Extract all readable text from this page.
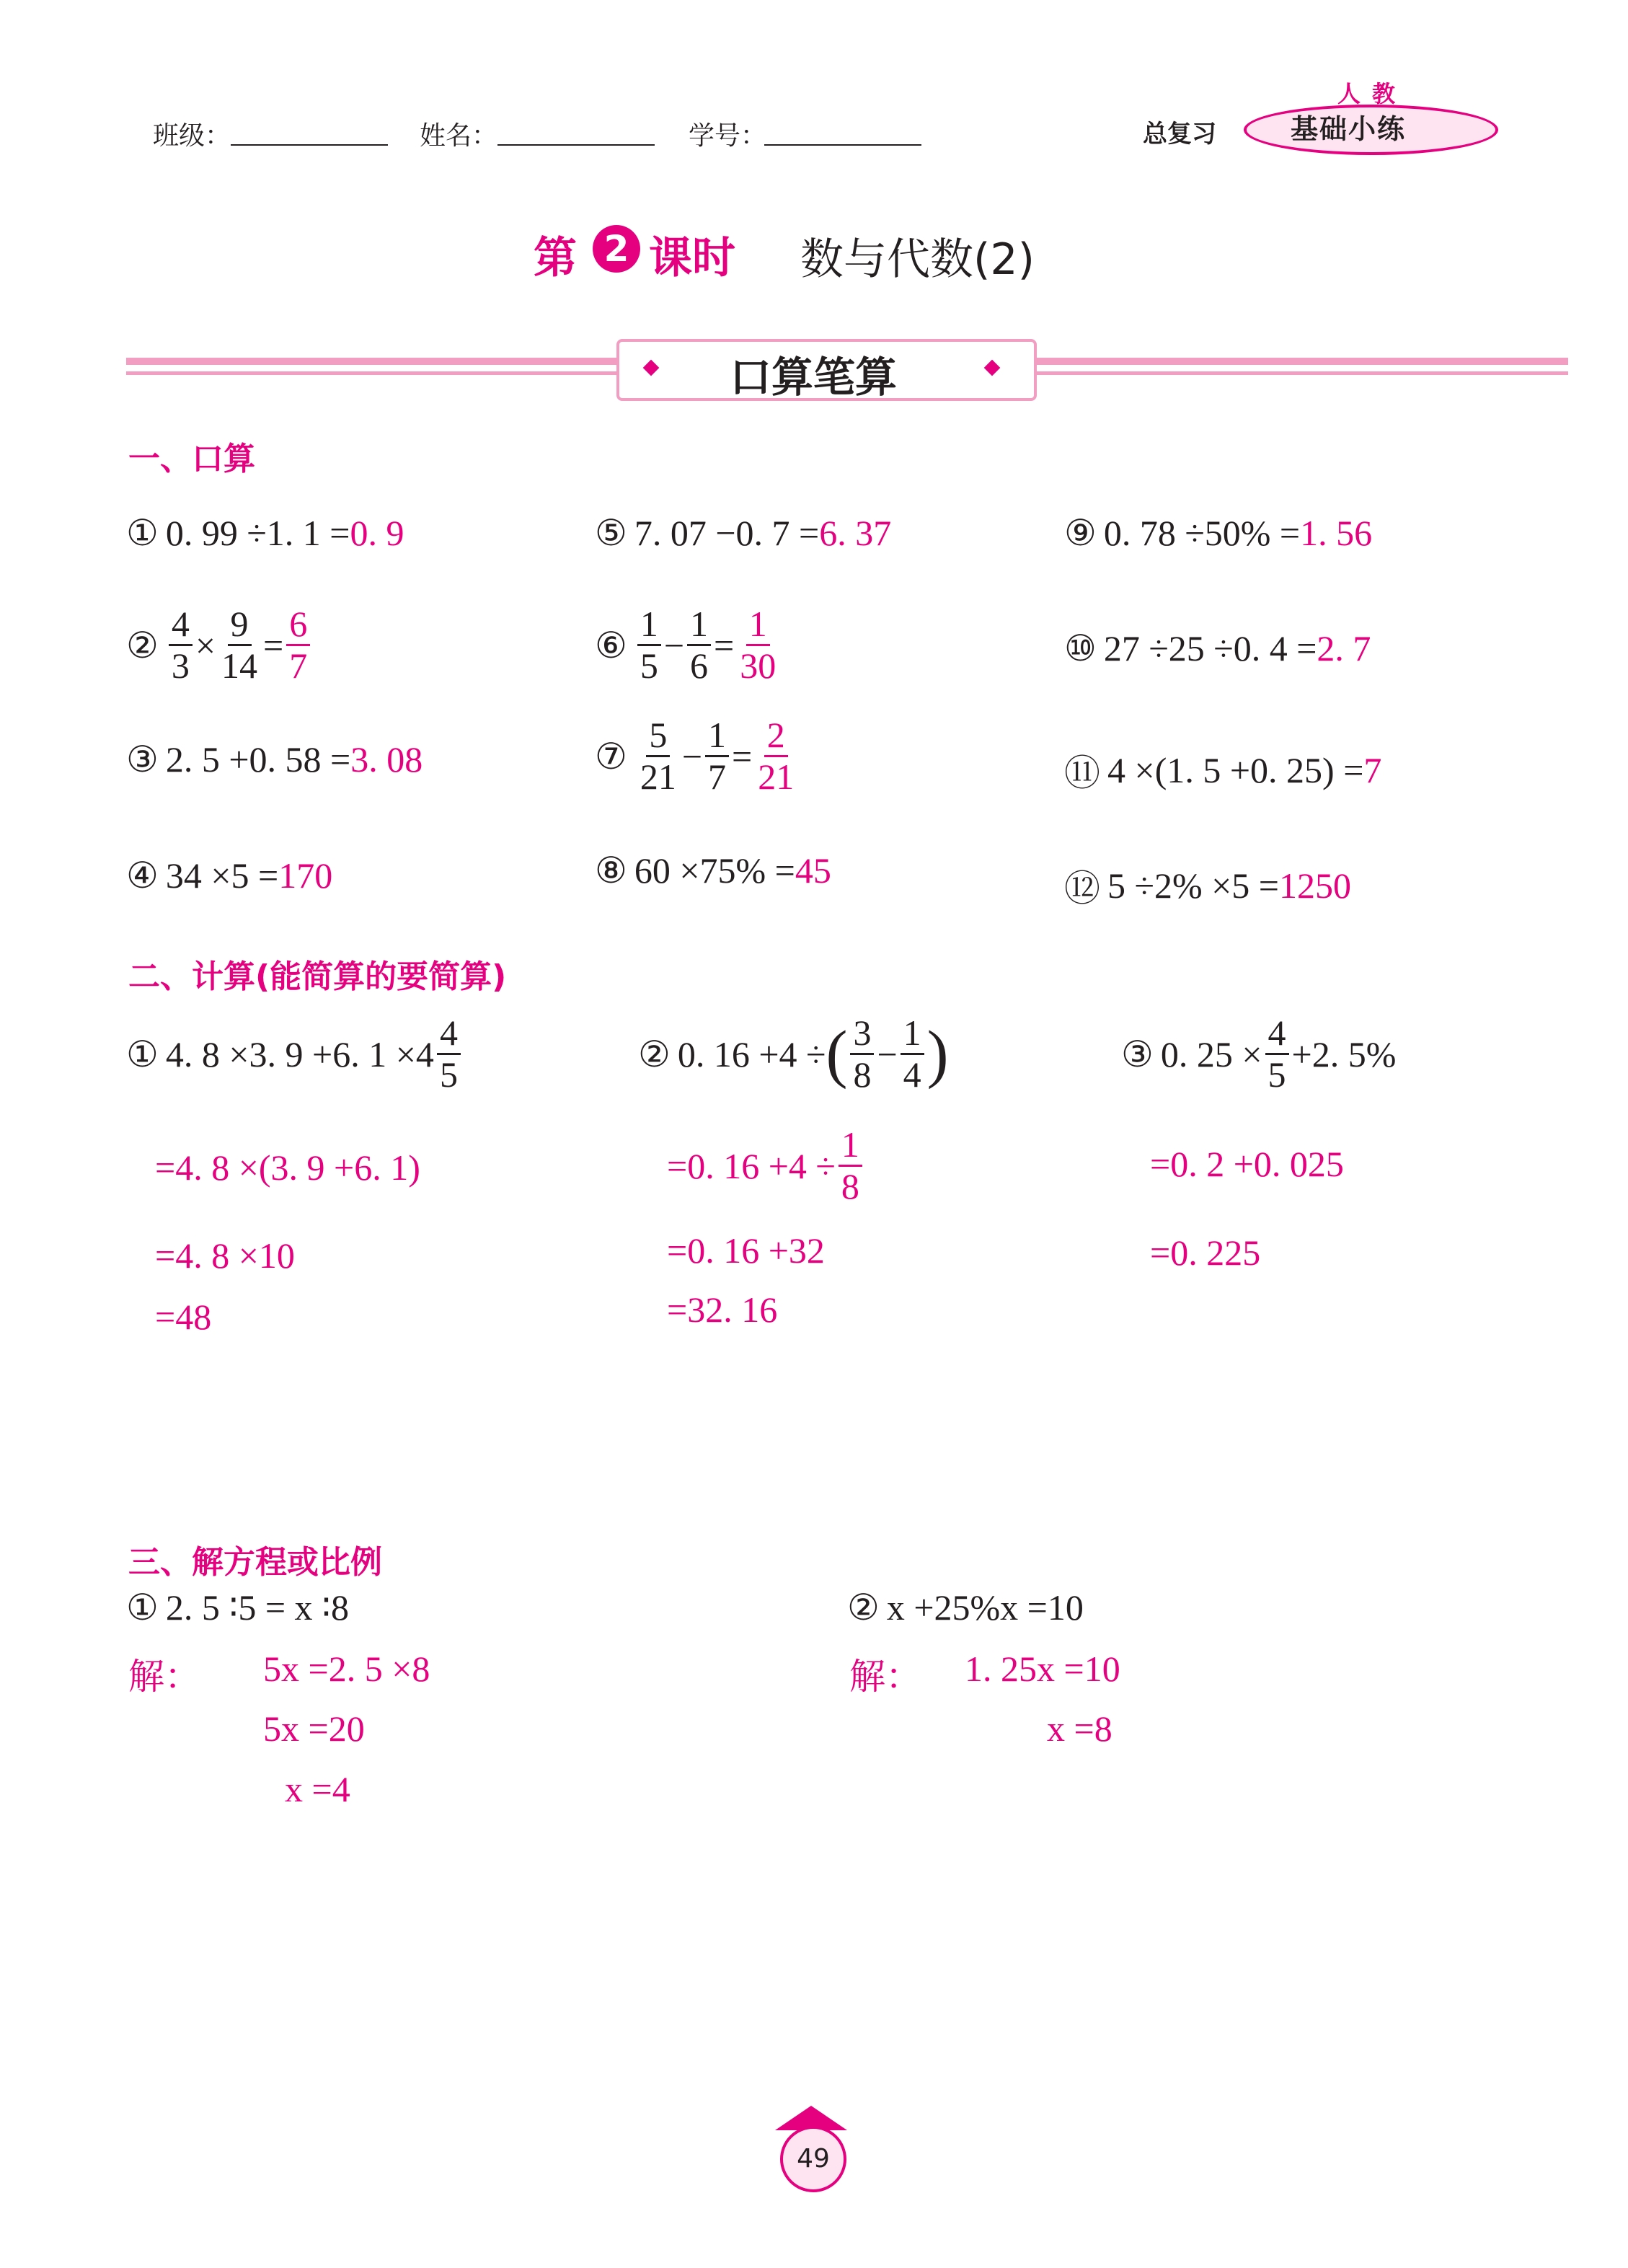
班级：	姓名：	学号：	总复习	基础小练
人教
第 2 课时 数与代数(2)
口算笔算
一、口算
① 0. 99 ÷1. 1 = 0. 9
② $\frac{4}{3} \times \frac{9}{14} = \frac{6}{7}$
③ 2. 5 +0. 58 = 3. 08
④ 34 ×5 = 170
⑤ 7. 07 −0. 7 = 6. 37
⑥ $\frac{1}{5} - \frac{1}{6} = \frac{1}{30}$
⑦ $\frac{5}{21} - \frac{1}{7} = \frac{2}{21}$
⑧ 60 ×75% = 45
⑨ 0. 78 ÷50% = 1. 56
⑩ 27 ÷25 ÷0. 4 = 2. 7
⑪ 4 ×(1. 5 +0. 25) = 7
⑫ 5 ÷2% ×5 = 1250
二、计算(能简算的要简算)
① 4. 8 ×3. 9 +6. $1 \times 4 \frac{4}{5}$
=4. 8 ×(3. 9 +6. 1)
=4. 8 ×10
=48
② 0. 16 +4 ÷ ( $\frac{3}{8} - \frac{1}{4}$ )
=0. $16 +4 \div \frac{1}{8}$
=0. 16 +32
=32. 16
③ 0. $25 \times \frac{4}{5} +2$. 5%
=0. 2 +0. 025
=0. 225
三、解方程或比例
① 2. 5 ∶5 = x ∶8
解： 5x =2. 5 ×8
5x =20
x =4
② x +25%x =10
解： 1. 25x =10
x =8
49
